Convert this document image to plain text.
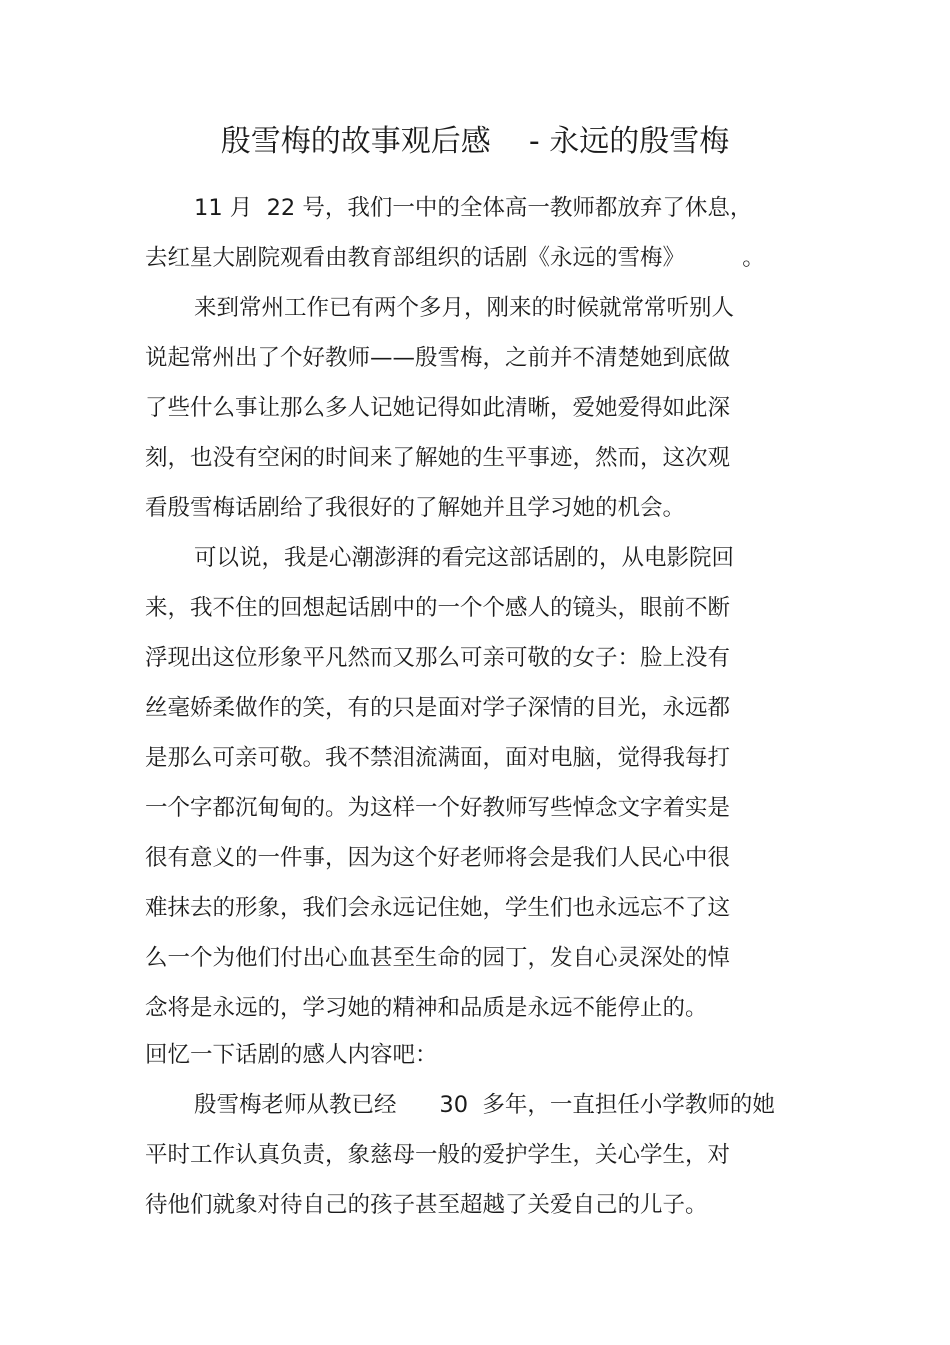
殷雪梅的故事观后感    - 永远的殷雪梅
11 月  22 号，我们一中的全体高一教师都放弃了休息，
去红星大剧院观看由教育部组织的话剧《永远的雪梅》        。
来到常州工作已有两个多月，刚来的时候就常常听别人
说起常州出了个好教师——殷雪梅，之前并不清楚她到底做
了些什么事让那么多人记她记得如此清晰，爱她爱得如此深
刻，也没有空闲的时间来了解她的生平事迹，然而，这次观
看殷雪梅话剧给了我很好的了解她并且学习她的机会。
可以说，我是心潮澎湃的看完这部话剧的，从电影院回
来，我不住的回想起话剧中的一个个感人的镜头，眼前不断
浮现出这位形象平凡然而又那么可亲可敬的女子：脸上没有
丝毫娇柔做作的笑，有的只是面对学子深情的目光，永远都
是那么可亲可敬。我不禁泪流满面，面对电脑，觉得我每打
一个字都沉甸甸的。为这样一个好教师写些悼念文字着实是
很有意义的一件事，因为这个好老师将会是我们人民心中很
难抹去的形象，我们会永远记住她，学生们也永远忘不了这
么一个为他们付出心血甚至生命的园丁，发自心灵深处的悼
念将是永远的，学习她的精神和品质是永远不能停止的。
回忆一下话剧的感人内容吧：
殷雪梅老师从教已经      30  多年，一直担任小学教师的她
平时工作认真负责，象慈母一般的爱护学生，关心学生，对
待他们就象对待自己的孩子甚至超越了关爱自己的儿子。
